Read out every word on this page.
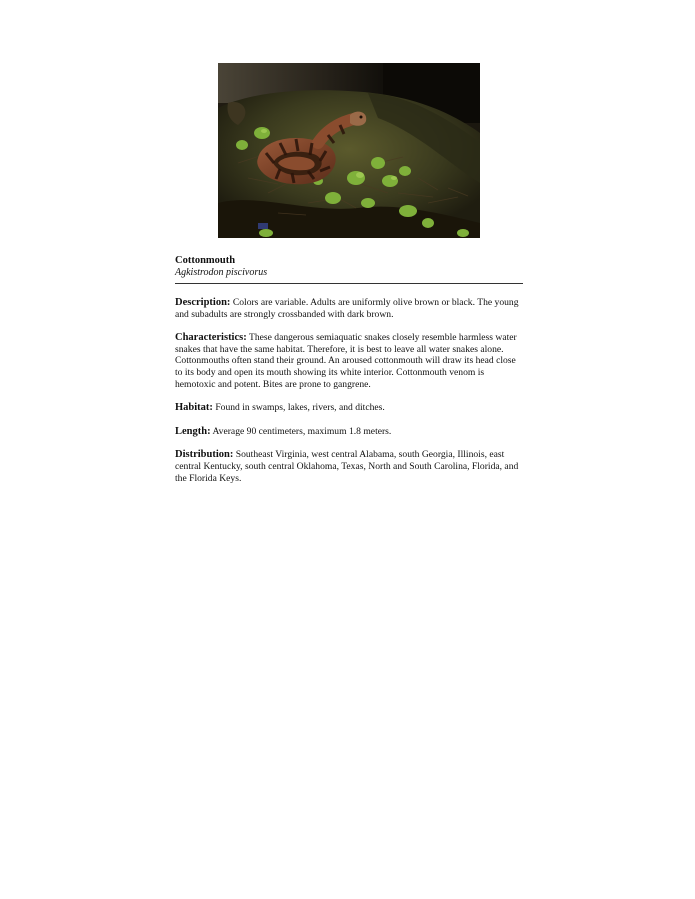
Cottonmouth

Agkistrodon piscivorus

Description: Colors are variable. Adults are uniformly olive brown or black. The young and subadults are strongly crossbanded with dark brown.

Characteristics: These dangerous semiaquatic snakes closely resemble harmless water snakes that have the same habitat. Therefore, it is best to leave all water snakes alone. Cottonmouths often stand their ground. An aroused cottonmouth will draw its head close to its body and open its mouth showing its white interior. Cottonmouth venom is hemotoxic and potent. Bites are prone to gangrene.

Habitat: Found in swamps, lakes, rivers, and ditches.

Length: Average 90 centimeters, maximum 1.8 meters.

Distribution: Southeast Virginia, west central Alabama, south Georgia, Illinois, east central Kentucky, south central Oklahoma, Texas, North and South Carolina, Florida, and the Florida Keys.
